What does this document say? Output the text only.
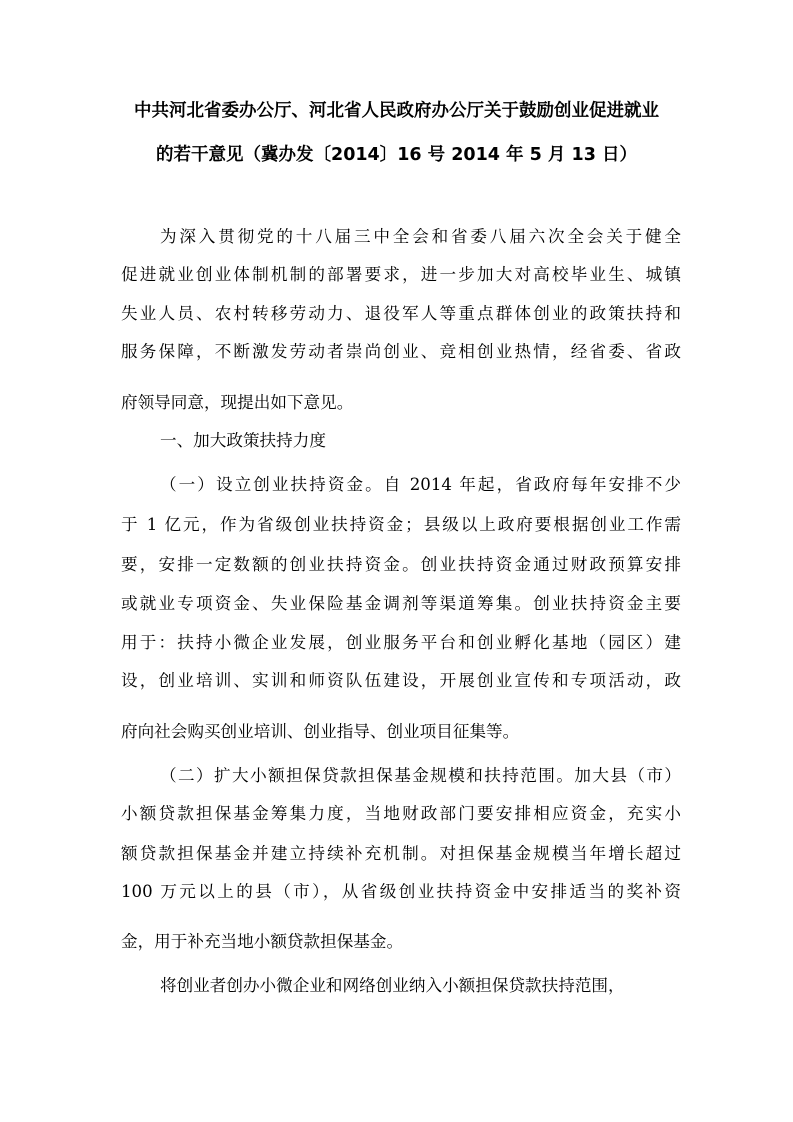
中共河北省委办公厅、河北省人民政府办公厅关于鼓励创业促进就业
的若干意见（冀办发〔2014〕16 号 2014 年 5 月 13 日）
为深入贯彻党的十八届三中全会和省委八届六次全会关于健全
促进就业创业体制机制的部署要求，进一步加大对高校毕业生、城镇
失业人员、农村转移劳动力、退役军人等重点群体创业的政策扶持和
服务保障，不断激发劳动者崇尚创业、竞相创业热情，经省委、省政
府领导同意，现提出如下意见。
一、加大政策扶持力度
（一）设立创业扶持资金。自 2014 年起，省政府每年安排不少
于 1 亿元，作为省级创业扶持资金；县级以上政府要根据创业工作需
要，安排一定数额的创业扶持资金。创业扶持资金通过财政预算安排
或就业专项资金、失业保险基金调剂等渠道筹集。创业扶持资金主要
用于：扶持小微企业发展，创业服务平台和创业孵化基地（园区）建
设，创业培训、实训和师资队伍建设，开展创业宣传和专项活动，政
府向社会购买创业培训、创业指导、创业项目征集等。
（二）扩大小额担保贷款担保基金规模和扶持范围。加大县（市）
小额贷款担保基金筹集力度，当地财政部门要安排相应资金，充实小
额贷款担保基金并建立持续补充机制。对担保基金规模当年增长超过
100 万元以上的县（市），从省级创业扶持资金中安排适当的奖补资
金，用于补充当地小额贷款担保基金。
将创业者创办小微企业和网络创业纳入小额担保贷款扶持范围，
